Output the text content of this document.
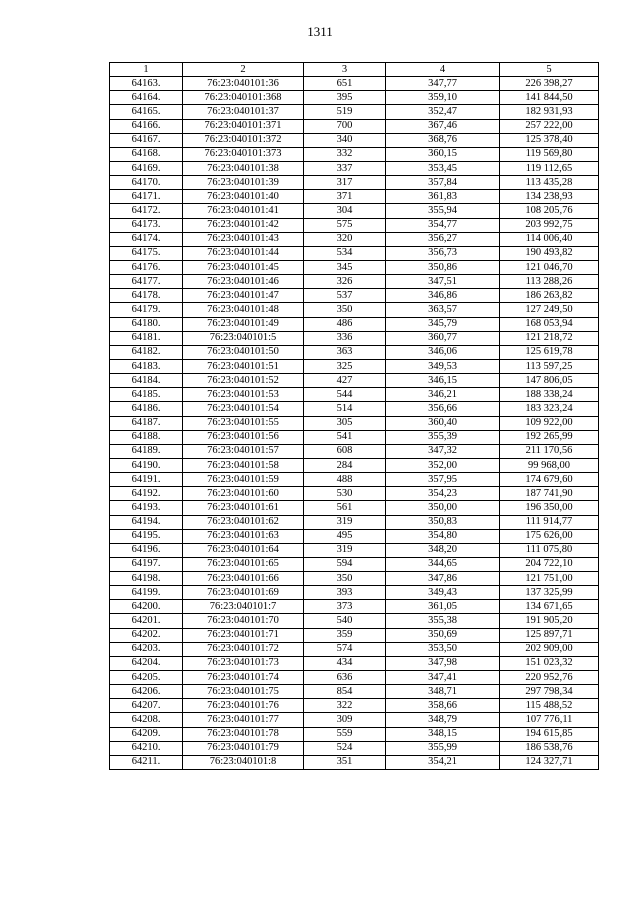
1311
1	2	3	4	5
64163.	76:23:040101:36	651	347,77	226 398,27
64164.	76:23:040101:368	395	359,10	141 844,50
64165.	76:23:040101:37	519	352,47	182 931,93
64166.	76:23:040101:371	700	367,46	257 222,00
64167.	76:23:040101:372	340	368,76	125 378,40
64168.	76:23:040101:373	332	360,15	119 569,80
64169.	76:23:040101:38	337	353,45	119 112,65
64170.	76:23:040101:39	317	357,84	113 435,28
64171.	76:23:040101:40	371	361,83	134 238,93
64172.	76:23:040101:41	304	355,94	108 205,76
64173.	76:23:040101:42	575	354,77	203 992,75
64174.	76:23:040101:43	320	356,27	114 006,40
64175.	76:23:040101:44	534	356,73	190 493,82
64176.	76:23:040101:45	345	350,86	121 046,70
64177.	76:23:040101:46	326	347,51	113 288,26
64178.	76:23:040101:47	537	346,86	186 263,82
64179.	76:23:040101:48	350	363,57	127 249,50
64180.	76:23:040101:49	486	345,79	168 053,94
64181.	76:23:040101:5	336	360,77	121 218,72
64182.	76:23:040101:50	363	346,06	125 619,78
64183.	76:23:040101:51	325	349,53	113 597,25
64184.	76:23:040101:52	427	346,15	147 806,05
64185.	76:23:040101:53	544	346,21	188 338,24
64186.	76:23:040101:54	514	356,66	183 323,24
64187.	76:23:040101:55	305	360,40	109 922,00
64188.	76:23:040101:56	541	355,39	192 265,99
64189.	76:23:040101:57	608	347,32	211 170,56
64190.	76:23:040101:58	284	352,00	99 968,00
64191.	76:23:040101:59	488	357,95	174 679,60
64192.	76:23:040101:60	530	354,23	187 741,90
64193.	76:23:040101:61	561	350,00	196 350,00
64194.	76:23:040101:62	319	350,83	111 914,77
64195.	76:23:040101:63	495	354,80	175 626,00
64196.	76:23:040101:64	319	348,20	111 075,80
64197.	76:23:040101:65	594	344,65	204 722,10
64198.	76:23:040101:66	350	347,86	121 751,00
64199.	76:23:040101:69	393	349,43	137 325,99
64200.	76:23:040101:7	373	361,05	134 671,65
64201.	76:23:040101:70	540	355,38	191 905,20
64202.	76:23:040101:71	359	350,69	125 897,71
64203.	76:23:040101:72	574	353,50	202 909,00
64204.	76:23:040101:73	434	347,98	151 023,32
64205.	76:23:040101:74	636	347,41	220 952,76
64206.	76:23:040101:75	854	348,71	297 798,34
64207.	76:23:040101:76	322	358,66	115 488,52
64208.	76:23:040101:77	309	348,79	107 776,11
64209.	76:23:040101:78	559	348,15	194 615,85
64210.	76:23:040101:79	524	355,99	186 538,76
64211.	76:23:040101:8	351	354,21	124 327,71
